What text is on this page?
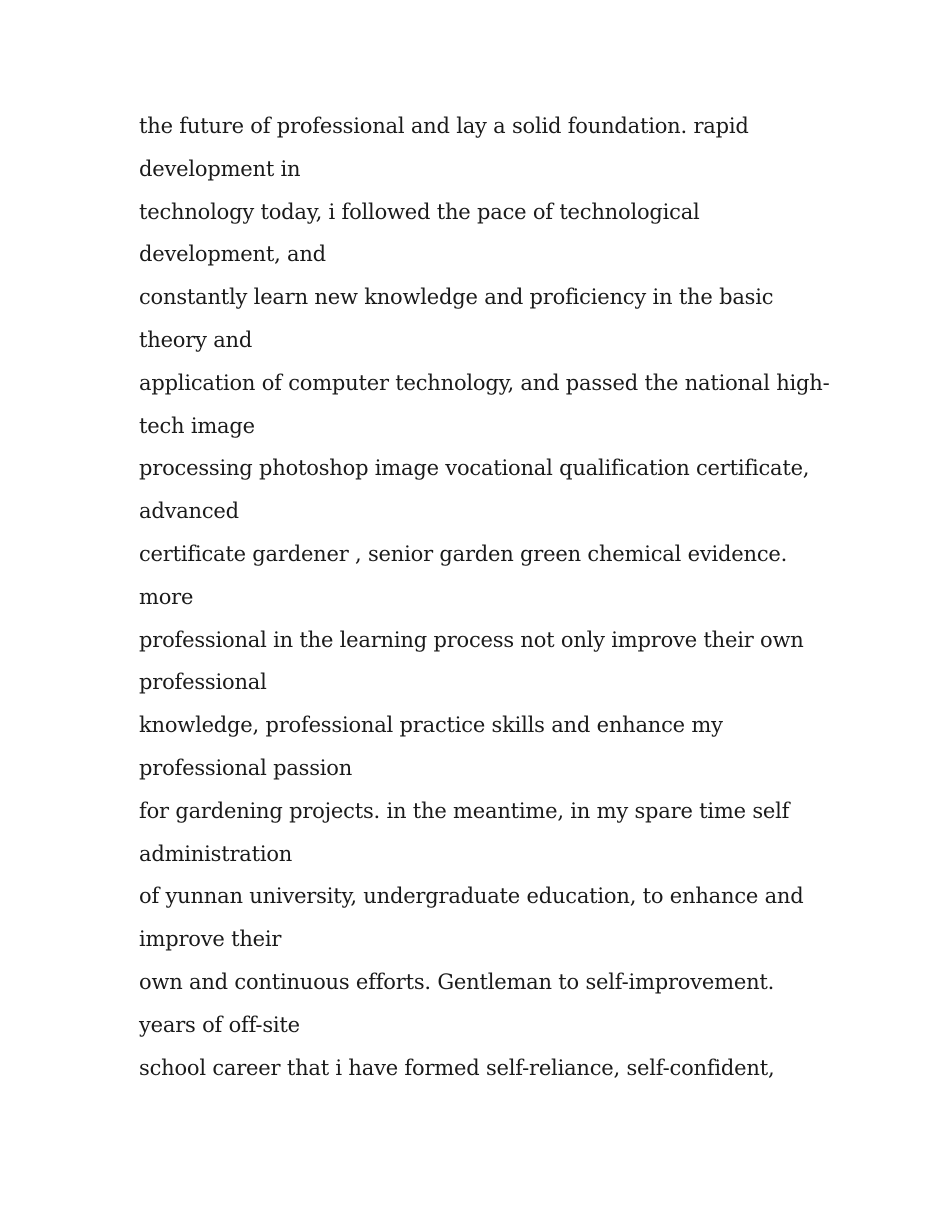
the future of professional and lay a solid foundation. rapid
development in
technology today, i followed the pace of technological
development, and
constantly learn new knowledge and proficiency in the basic
theory and
application of computer technology, and passed the national high-
tech image
processing photoshop image vocational qualification certificate,
advanced
certificate gardener , senior garden green chemical evidence.
more
professional in the learning process not only improve their own
professional
knowledge, professional practice skills and enhance my
professional passion
for gardening projects. in the meantime, in my spare time self
administration
of yunnan university, undergraduate education, to enhance and
improve their
own and continuous efforts. Gentleman to self-improvement.
years of off-site
school career that i have formed self-reliance, self-confident,
